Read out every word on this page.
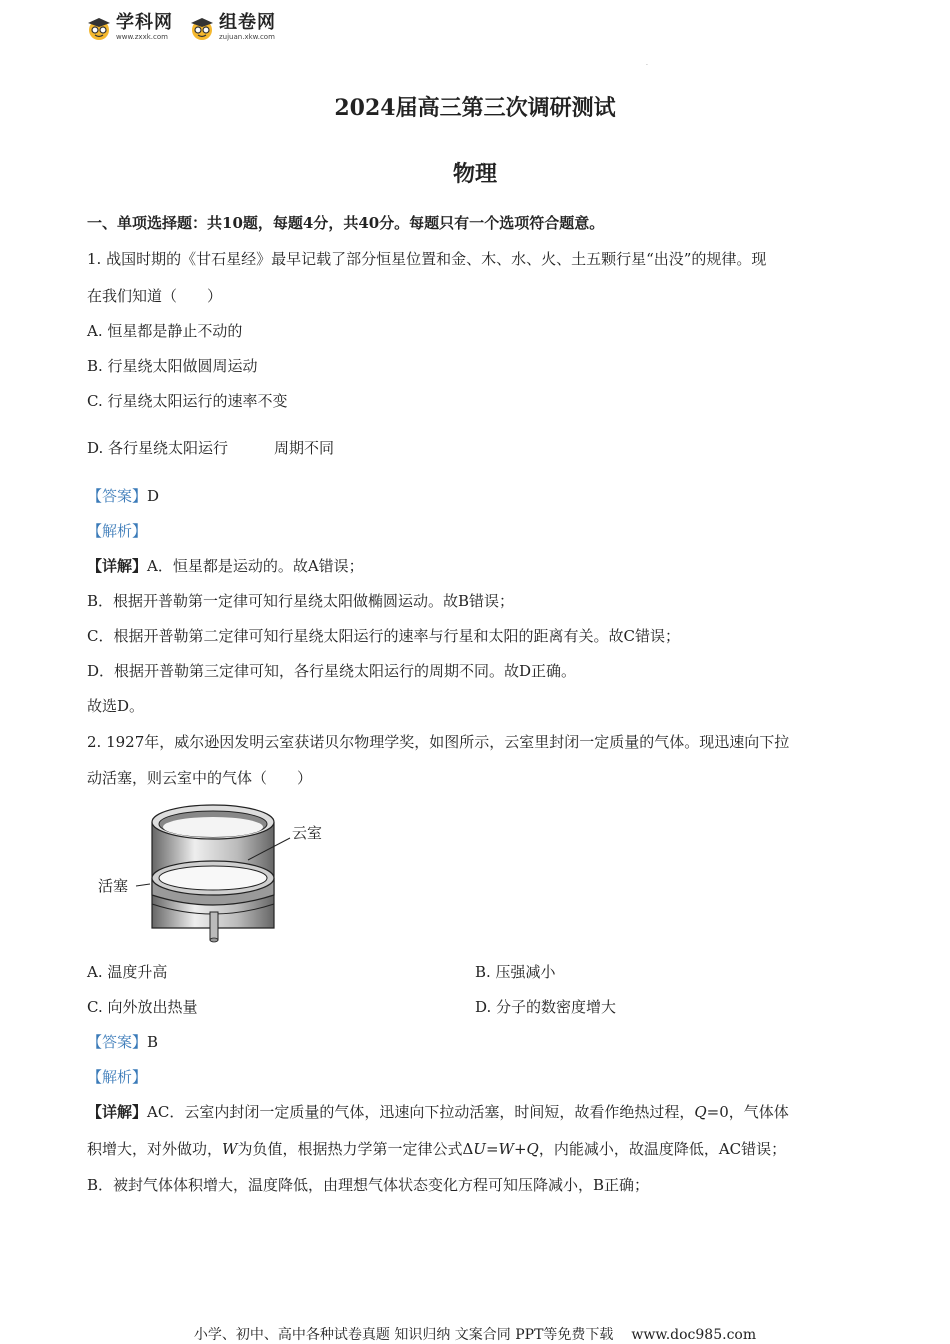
学科网
www.zxxk.com
组卷网
zujuan.xkw.com
.
2024届高三第三次调研测试
物理
一、单项选择题：共10题，每题4分，共40分。每题只有一个选项符合题意。
1. 战国时期的《甘石星经》最早记载了部分恒星位置和金、木、水、火、土五颗行星“出没”的规律。现
在我们知道（　　）
A. 恒星都是静止不动的
B. 行星绕太阳做圆周运动
C. 行星绕太阳运行的速率不变
D. 各行星绕太阳运行	周期不同
【答案】D
【解析】
【详解】A．恒星都是运动的。故A错误；
B．根据开普勒第一定律可知行星绕太阳做椭圆运动。故B错误；
C．根据开普勒第二定律可知行星绕太阳运行的速率与行星和太阳的距离有关。故C错误；
D．根据开普勒第三定律可知，各行星绕太阳运行的周期不同。故D正确。
故选D。
2. 1927年，威尔逊因发明云室获诺贝尔物理学奖，如图所示，云室里封闭一定质量的气体。现迅速向下拉
动活塞，则云室中的气体（　　）
云室
活塞
A. 温度升高	B. 压强减小
C. 向外放出热量	D. 分子的数密度增大
【答案】B
【解析】
【详解】AC．云室内封闭一定质量的气体，迅速向下拉动活塞，时间短，故看作绝热过程，Q=0，气体体
积增大，对外做功，W为负值，根据热力学第一定律公式ΔU=W+Q，内能减小，故温度降低，AC错误；
B．被封气体体积增大，温度降低，由理想气体状态变化方程可知压降减小，B正确；
小学、初中、高中各种试卷真题 知识归纳 文案合同 PPT等免费下载 www.doc985.com
